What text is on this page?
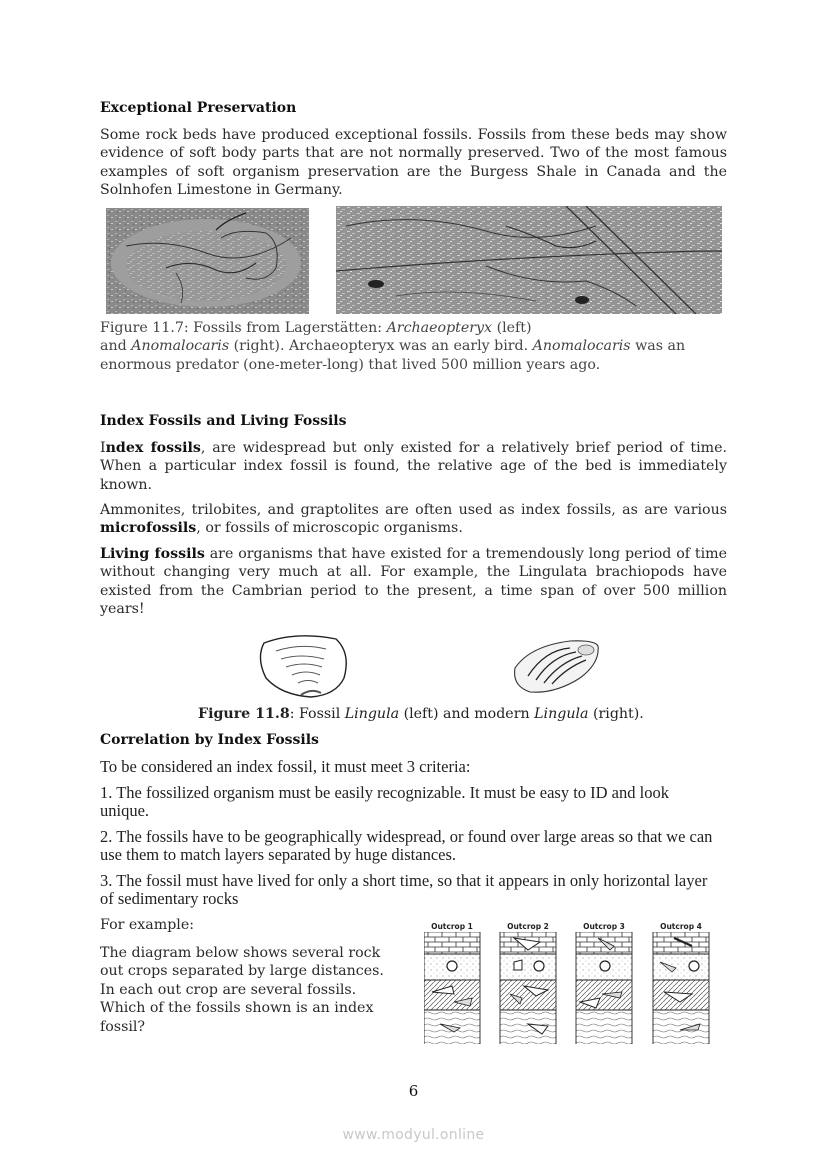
Exceptional Preservation
Some rock beds have produced exceptional fossils. Fossils from these beds may show evidence of soft body parts that are not normally preserved. Two of the most famous examples of soft organism preservation are the Burgess Shale in Canada and the Solnhofen Limestone in Germany.
Figure 11.7: Fossils from Lagerstätten: Archaeopteryx (left)
and Anomalocaris (right). Archaeopteryx was an early bird. Anomalocaris was an
enormous predator (one-meter-long) that lived 500 million years ago.
Index Fossils and Living Fossils
Index fossils, are widespread but only existed for a relatively brief period of time. When a particular index fossil is found, the relative age of the bed is immediately known.
Ammonites, trilobites, and graptolites are often used as index fossils, as are various microfossils, or fossils of microscopic organisms.
Living fossils are organisms that have existed for a tremendously long period of time without changing very much at all. For example, the Lingulata brachiopods have existed from the Cambrian period to the present, a time span of over 500 million years!
Figure 11.8: Fossil Lingula (left) and modern Lingula (right).
Correlation by Index Fossils
To be considered an index fossil, it must meet 3 criteria:
1. The fossilized organism must be easily recognizable. It must be easy to ID and look unique.
2. The fossils have to be geographically widespread, or found over large areas so that we can use them to match layers separated by huge distances.
3. The fossil must have lived for only a short time, so that it appears in only horizontal layer of sedimentary rocks
For example:
The diagram below shows several rock out crops separated by large distances. In each out crop are several fossils. Which of the fossils shown is an index fossil?
Outcrop 1	Outcrop 2	Outcrop 3	Outcrop 4
6
www.modyul.online
